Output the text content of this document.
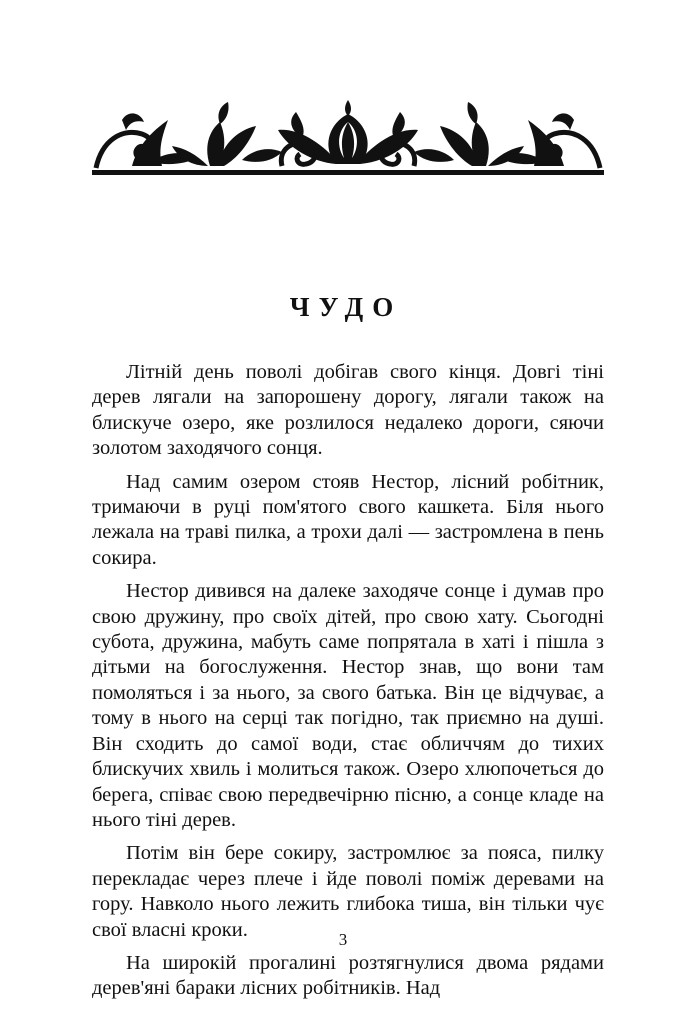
ЧУДО

Літній день поволі добігав свого кінця. Довгі тіні дерев лягали на запорошену дорогу, лягали також на блискуче озеро, яке розлилося недалеко дороги, сяючи золотом заходячого сонця.

Над самим озером стояв Нестор, лісний робітник, тримаючи в руці пом'ятого свого кашкета. Біля нього лежала на траві пилка, а трохи далі — застромлена в пень сокира.

Нестор дивився на далеке заходяче сонце і думав про свою дружину, про своїх дітей, про свою хату. Сьогодні субота, дружина, мабуть саме попрятала в хаті і пішла з дітьми на богослуження. Нестор знав, що вони там помоляться і за нього, за свого батька. Він це відчуває, а тому в нього на серці так погідно, так приємно на душі. Він сходить до самої води, стає обличчям до тихих блискучих хвиль і молиться також. Озеро хлюпочеться до берега, співає свою передвечірню пісню, а сонце кладе на нього тіні дерев.

Потім він бере сокиру, застромлює за пояса, пилку перекладає через плече і йде поволі поміж деревами на гору. Навколо нього лежить глибока тиша, він тільки чує свої власні кроки.

На широкій прогалині розтягнулися двома рядами дерев'яні бараки лісних робітників. Над

3
